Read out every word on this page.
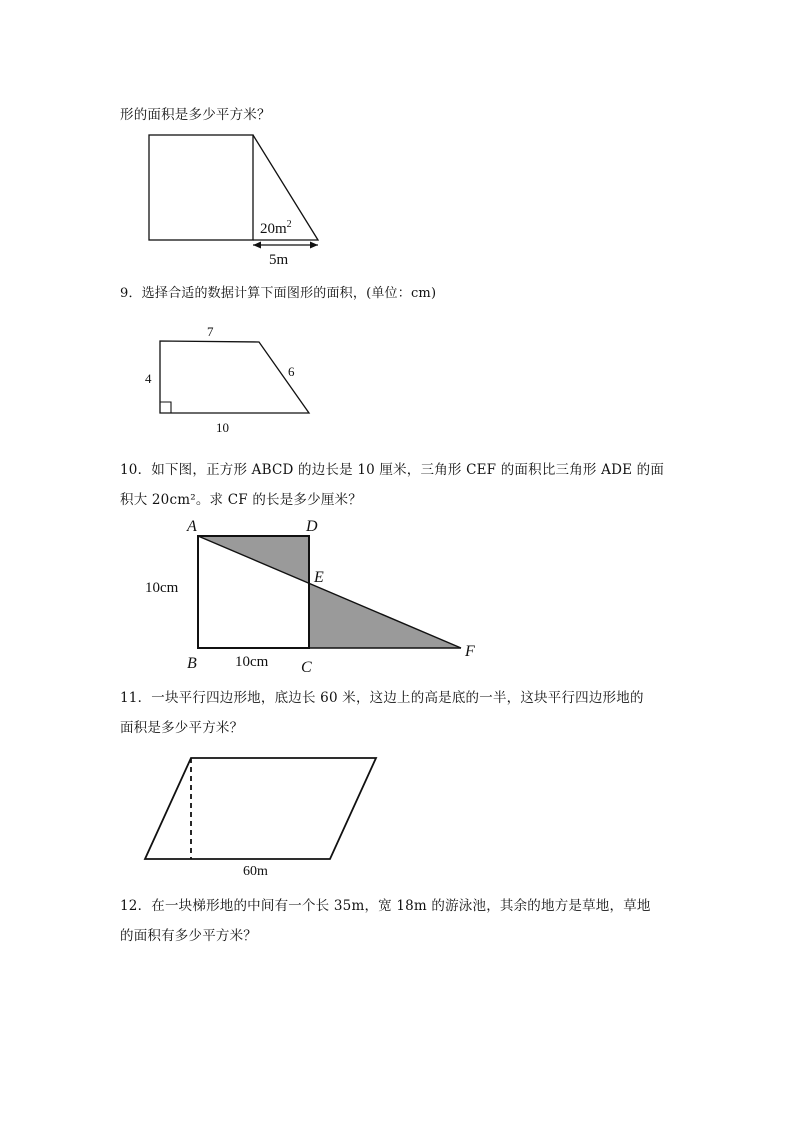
形的面积是多少平方米？
$20m^2$
5m
9．选择合适的数据计算下面图形的面积，(单位：cm)
7
4	6
10
10．如下图，正方形 ABCD 的边长是 10 厘米，三角形 CEF 的面积比三角形 ADE 的面
积大 20cm²。求 CF 的长是多少厘米？
A	D
E
B	C
F
10cm
10cm
11．一块平行四边形地，底边长 60 米，这边上的高是底的一半，这块平行四边形地的
面积是多少平方米？
60m
12．在一块梯形地的中间有一个长 35m，宽 18m 的游泳池，其余的地方是草地，草地
的面积有多少平方米？
